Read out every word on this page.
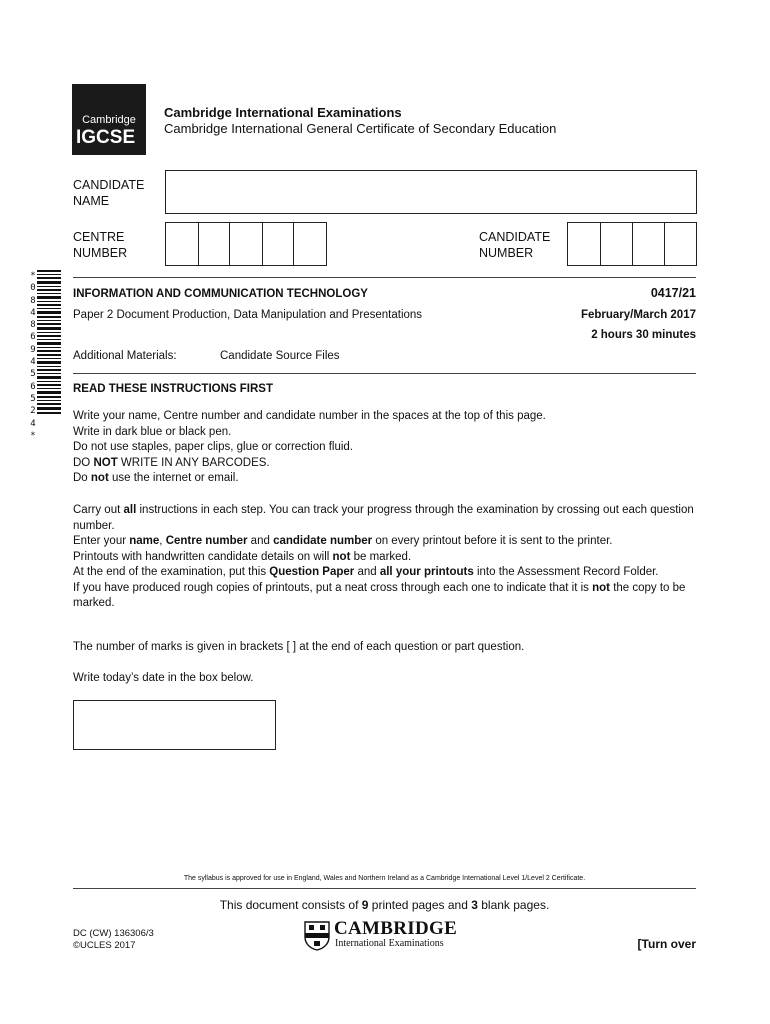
Cambridge
IGCSE
Cambridge International Examinations
Cambridge International General Certificate of Secondary Education
CANDIDATE
NAME
CENTRE
NUMBER
CANDIDATE
NUMBER
*
0
8
4
8
6
9
4
5
6
5
2
4
*
INFORMATION AND COMMUNICATION TECHNOLOGY	0417/21
Paper 2 Document Production, Data Manipulation and Presentations	February/March 2017
2 hours 30 minutes
Additional Materials:	Candidate Source Files
READ THESE INSTRUCTIONS FIRST

Write your name, Centre number and candidate number in the spaces at the top of this page.

Write in dark blue or black pen.

Do not use staples, paper clips, glue or correction fluid.

DO NOT WRITE IN ANY BARCODES.

Do not use the internet or email.

Carry out all instructions in each step. You can track your progress through the examination by crossing out each question number.

Enter your name, Centre number and candidate number on every printout before it is sent to the printer.

Printouts with handwritten candidate details on will not be marked.

At the end of the examination, put this Question Paper and all your printouts into the Assessment Record Folder.

If you have produced rough copies of printouts, put a neat cross through each one to indicate that it is not the copy to be marked.

The number of marks is given in brackets [ ] at the end of each question or part question.
Write today’s date in the box below.
The syllabus is approved for use in England, Wales and Northern Ireland as a Cambridge International Level 1/Level 2 Certificate.
This document consists of 9 printed pages and 3 blank pages.
DC (CW) 136306/3
©UCLES 2017
CAMBRIDGE
International Examinations	[Turn over
